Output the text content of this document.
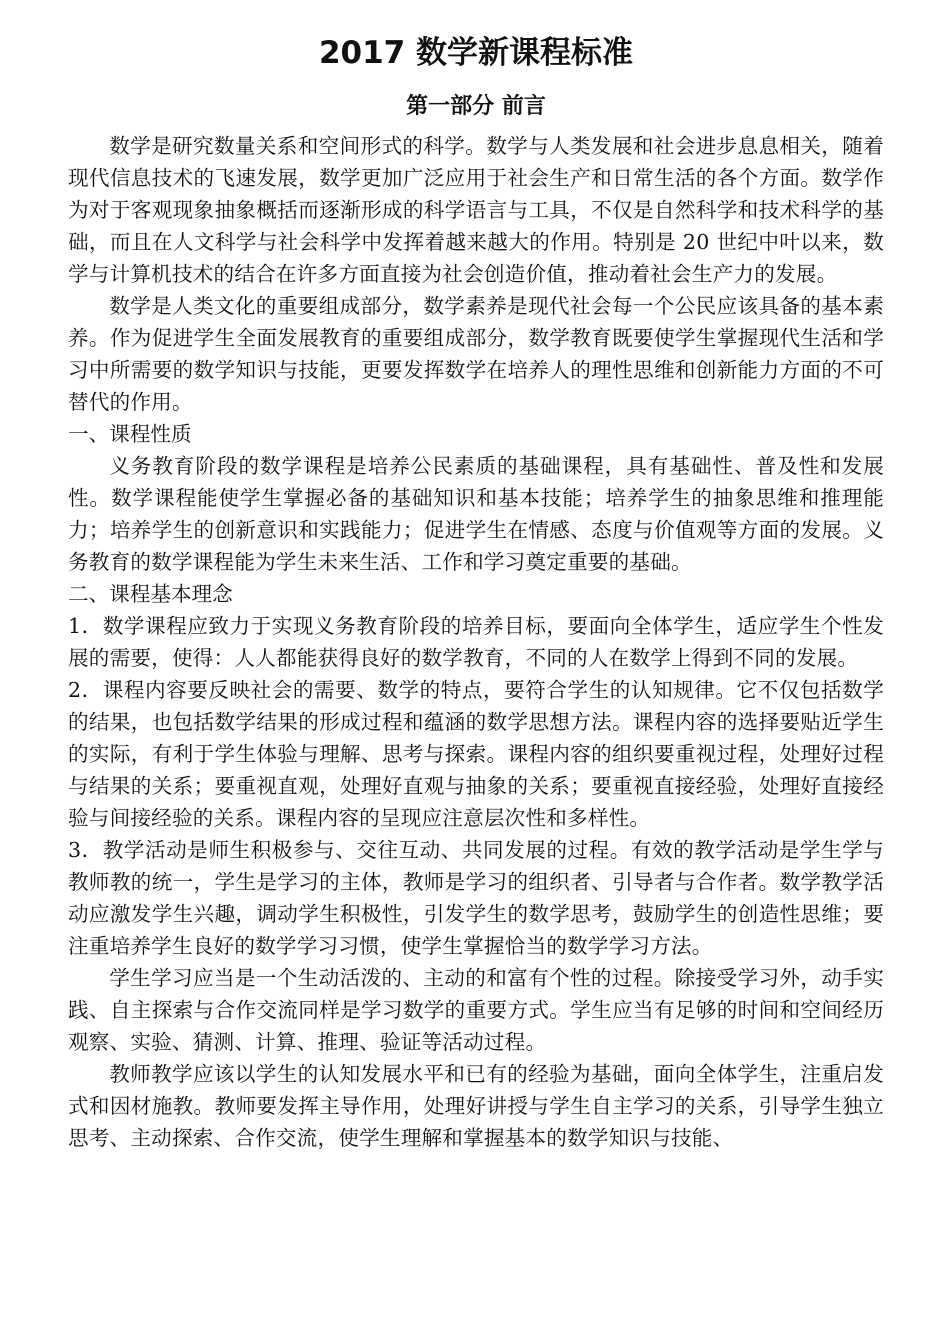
2017 数学新课程标准
第一部分 前言

数学是研究数量关系和空间形式的科学。数学与人类发展和社会进步息息相关，随着现代信息技术的飞速发展，数学更加广泛应用于社会生产和日常生活的各个方面。数学作为对于客观现象抽象概括而逐渐形成的科学语言与工具，不仅是自然科学和技术科学的基础，而且在人文科学与社会科学中发挥着越来越大的作用。特别是 20 世纪中叶以来，数学与计算机技术的结合在许多方面直接为社会创造价值，推动着社会生产力的发展。

数学是人类文化的重要组成部分，数学素养是现代社会每一个公民应该具备的基本素养。作为促进学生全面发展教育的重要组成部分，数学教育既要使学生掌握现代生活和学习中所需要的数学知识与技能，更要发挥数学在培养人的理性思维和创新能力方面的不可替代的作用。

一、课程性质

义务教育阶段的数学课程是培养公民素质的基础课程，具有基础性、普及性和发展性。数学课程能使学生掌握必备的基础知识和基本技能；培养学生的抽象思维和推理能力；培养学生的创新意识和实践能力；促进学生在情感、态度与价值观等方面的发展。义务教育的数学课程能为学生未来生活、工作和学习奠定重要的基础。

二、课程基本理念

1．数学课程应致力于实现义务教育阶段的培养目标，要面向全体学生，适应学生个性发展的需要，使得：人人都能获得良好的数学教育，不同的人在数学上得到不同的发展。

2．课程内容要反映社会的需要、数学的特点，要符合学生的认知规律。它不仅包括数学的结果，也包括数学结果的形成过程和蕴涵的数学思想方法。课程内容的选择要贴近学生的实际，有利于学生体验与理解、思考与探索。课程内容的组织要重视过程，处理好过程与结果的关系；要重视直观，处理好直观与抽象的关系；要重视直接经验，处理好直接经验与间接经验的关系。课程内容的呈现应注意层次性和多样性。

3．教学活动是师生积极参与、交往互动、共同发展的过程。有效的教学活动是学生学与教师教的统一，学生是学习的主体，教师是学习的组织者、引导者与合作者。数学教学活动应激发学生兴趣，调动学生积极性，引发学生的数学思考，鼓励学生的创造性思维；要注重培养学生良好的数学学习习惯，使学生掌握恰当的数学学习方法。

学生学习应当是一个生动活泼的、主动的和富有个性的过程。除接受学习外，动手实践、自主探索与合作交流同样是学习数学的重要方式。学生应当有足够的时间和空间经历观察、实验、猜测、计算、推理、验证等活动过程。

教师教学应该以学生的认知发展水平和已有的经验为基础，面向全体学生，注重启发式和因材施教。教师要发挥主导作用，处理好讲授与学生自主学习的关系，引导学生独立思考、主动探索、合作交流，使学生理解和掌握基本的数学知识与技能、
